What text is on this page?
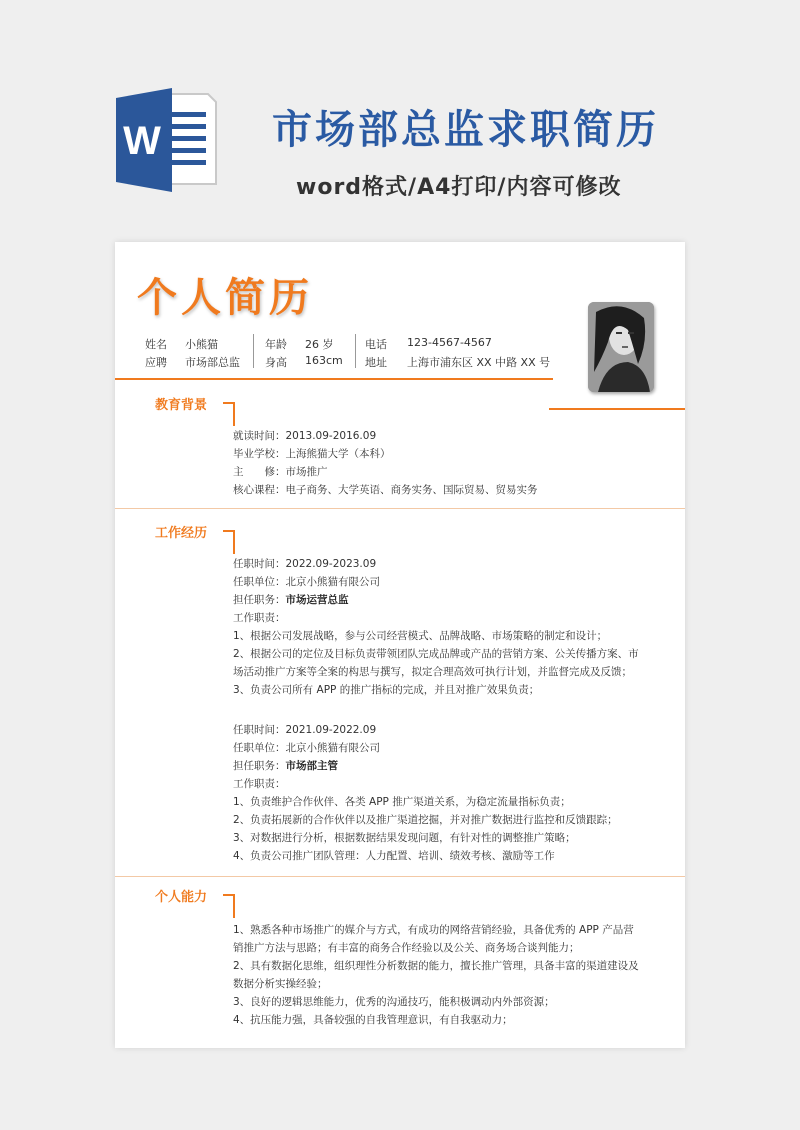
W	市场部总监求职简历
word格式/A4打印/内容可修改
个人简历
姓名 小熊猫
应聘 市场部总监
年龄 26 岁
身高 163cm
电话 123-4567-4567
地址 上海市浦东区 XX 中路 XX 号
教育背景
就读时间：2013.09-2016.09
毕业学校：上海熊猫大学（本科）
主　　修：市场推广
核心课程：电子商务、大学英语、商务实务、国际贸易、贸易实务
工作经历
任职时间：2022.09-2023.09
任职单位：北京小熊猫有限公司
担任职务：市场运营总监
工作职责：
1、根据公司发展战略，参与公司经营模式、品牌战略、市场策略的制定和设计；
2、根据公司的定位及目标负责带领团队完成品牌或产品的营销方案、公关传播方案、市
场活动推广方案等全案的构思与撰写，拟定合理高效可执行计划，并监督完成及反馈；
3、负责公司所有 APP 的推广指标的完成，并且对推广效果负责；
任职时间：2021.09-2022.09
任职单位：北京小熊猫有限公司
担任职务：市场部主管
工作职责：
1、负责维护合作伙伴、各类 APP 推广渠道关系，为稳定流量指标负责；
2、负责拓展新的合作伙伴以及推广渠道挖掘，并对推广数据进行监控和反馈跟踪；
3、对数据进行分析，根据数据结果发现问题，有针对性的调整推广策略；
4、负责公司推广团队管理：人力配置、培训、绩效考核、激励等工作
个人能力
1、熟悉各种市场推广的媒介与方式，有成功的网络营销经验，具备优秀的 APP 产品营
销推广方法与思路；有丰富的商务合作经验以及公关、商务场合谈判能力；
2、具有数据化思维，组织理性分析数据的能力，擅长推广管理，具备丰富的渠道建设及
数据分析实操经验；
3、良好的逻辑思维能力，优秀的沟通技巧，能积极调动内外部资源；
4、抗压能力强，具备较强的自我管理意识，有自我驱动力；
